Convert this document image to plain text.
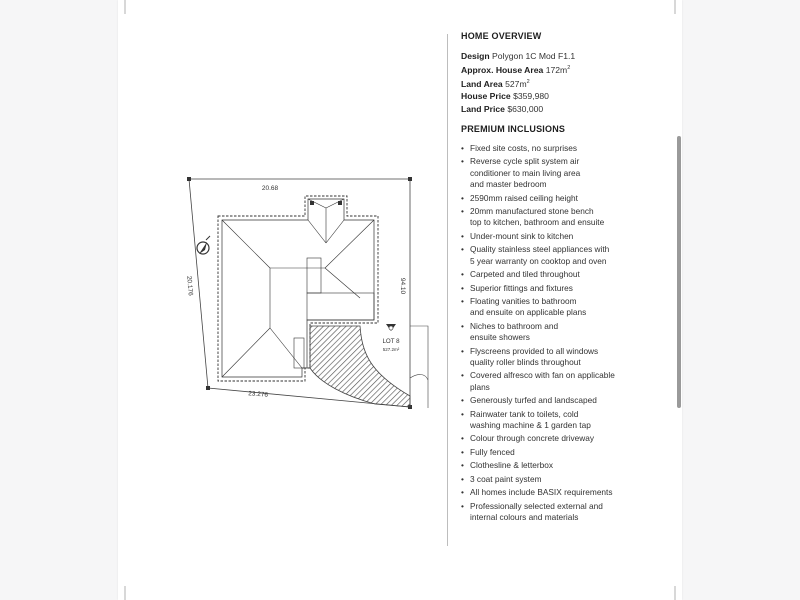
20.68
20.176	94.10
23.276
LOT 8
527.2m²
HOME OVERVIEW
Design Polygon 1C Mod F1.1
Approx. House Area $172m^2$
Land Area $527m^2$
House Price $359,980
Land Price $630,000
PREMIUM INCLUSIONS
• Fixed site costs, no surprises
• Reverse cycle split system air
conditioner to main living area
and master bedroom
• 2590mm raised ceiling height
• 20mm manufactured stone bench
top to kitchen, bathroom and ensuite
• Under-mount sink to kitchen
• Quality stainless steel appliances with
5 year warranty on cooktop and oven
• Carpeted and tiled throughout
• Superior fittings and fixtures
• Floating vanities to bathroom
and ensuite on applicable plans
• Niches to bathroom and
ensuite showers
• Flyscreens provided to all windows
quality roller blinds throughout
• Covered alfresco with fan on applicable
plans
• Generously turfed and landscaped
• Rainwater tank to toilets, cold
washing machine & 1 garden tap
• Colour through concrete driveway
• Fully fenced
• Clothesline & letterbox
• 3 coat paint system
• All homes include BASIX requirements
• Professionally selected external and
internal colours and materials
